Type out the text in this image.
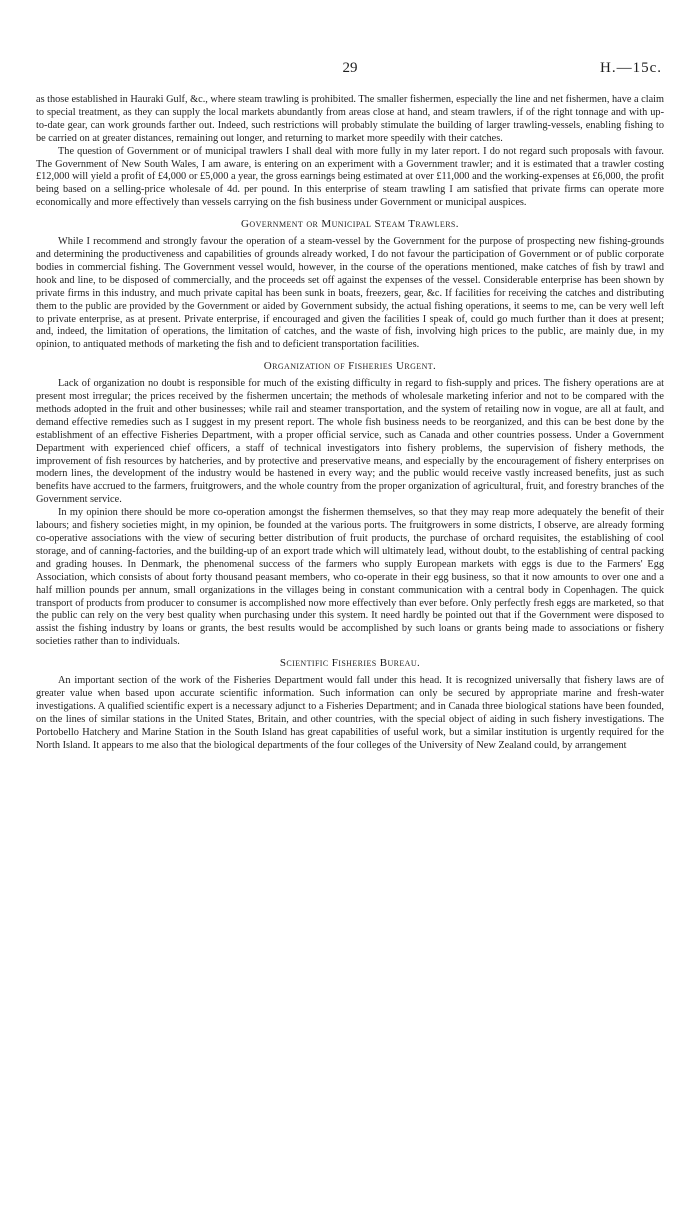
29	H.—15c.

as those established in Hauraki Gulf, &c., where steam trawling is prohibited. The smaller fishermen, especially the line and net fishermen, have a claim to special treatment, as they can supply the local markets abundantly from areas close at hand, and steam trawlers, if of the right tonnage and with up-to-date gear, can work grounds farther out. Indeed, such restrictions will probably stimulate the building of larger trawling-vessels, enabling fishing to be carried on at greater distances, remaining out longer, and returning to market more speedily with their catches.

The question of Government or of municipal trawlers I shall deal with more fully in my later report. I do not regard such proposals with favour. The Government of New South Wales, I am aware, is entering on an experiment with a Government trawler; and it is estimated that a trawler costing £12,000 will yield a profit of £4,000 or £5,000 a year, the gross earnings being estimated at over £11,000 and the working-expenses at £6,000, the profit being based on a selling-price wholesale of 4d. per pound. In this enterprise of steam trawling I am satisfied that private firms can operate more economically and more effectively than vessels carrying on the fish business under Government or municipal auspices.

Government or Municipal Steam Trawlers.

While I recommend and strongly favour the operation of a steam-vessel by the Government for the purpose of prospecting new fishing-grounds and determining the productiveness and capabilities of grounds already worked, I do not favour the participation of Government or of public corporate bodies in commercial fishing. The Government vessel would, however, in the course of the operations mentioned, make catches of fish by trawl and hook and line, to be disposed of commercially, and the proceeds set off against the expenses of the vessel. Considerable enterprise has been shown by private firms in this industry, and much private capital has been sunk in boats, freezers, gear, &c. If facilities for receiving the catches and distributing them to the public are provided by the Government or aided by Government subsidy, the actual fishing operations, it seems to me, can be very well left to private enterprise, as at present. Private enterprise, if encouraged and given the facilities I speak of, could go much further than it does at present; and, indeed, the limitation of operations, the limitation of catches, and the waste of fish, involving high prices to the public, are mainly due, in my opinion, to antiquated methods of marketing the fish and to deficient transportation facilities.

Organization of Fisheries Urgent.

Lack of organization no doubt is responsible for much of the existing difficulty in regard to fish-supply and prices. The fishery operations are at present most irregular; the prices received by the fishermen uncertain; the methods of wholesale marketing inferior and not to be compared with the methods adopted in the fruit and other businesses; while rail and steamer transportation, and the system of retailing now in vogue, are all at fault, and demand effective remedies such as I suggest in my present report. The whole fish business needs to be reorganized, and this can be best done by the establishment of an effective Fisheries Department, with a proper official service, such as Canada and other countries possess. Under a Government Department with experienced chief officers, a staff of technical investigators into fishery problems, the supervision of fishery methods, the improvement of fish resources by hatcheries, and by protective and preservative means, and especially by the encouragement of fishery enterprises on modern lines, the development of the industry would be hastened in every way; and the public would receive vastly increased benefits, just as such benefits have accrued to the farmers, fruitgrowers, and the whole country from the proper organization of agricultural, fruit, and forestry branches of the Government service.

In my opinion there should be more co-operation amongst the fishermen themselves, so that they may reap more adequately the benefit of their labours; and fishery societies might, in my opinion, be founded at the various ports. The fruitgrowers in some districts, I observe, are already forming co-operative associations with the view of securing better distribution of fruit products, the purchase of orchard requisites, the establishing of cool storage, and of canning-factories, and the building-up of an export trade which will ultimately lead, without doubt, to the establishing of central packing and grading houses. In Denmark, the phenomenal success of the farmers who supply European markets with eggs is due to the Farmers' Egg Association, which consists of about forty thousand peasant members, who co-operate in their egg business, so that it now amounts to over one and a half million pounds per annum, small organizations in the villages being in constant communication with a central body in Copenhagen. The quick transport of products from producer to consumer is accomplished now more effectively than ever before. Only perfectly fresh eggs are marketed, so that the public can rely on the very best quality when purchasing under this system. It need hardly be pointed out that if the Government were disposed to assist the fishing industry by loans or grants, the best results would be accomplished by such loans or grants being made to associations or fishery societies rather than to individuals.

Scientific Fisheries Bureau.

An important section of the work of the Fisheries Department would fall under this head. It is recognized universally that fishery laws are of greater value when based upon accurate scientific information. Such information can only be secured by appropriate marine and fresh-water investigations. A qualified scientific expert is a necessary adjunct to a Fisheries Department; and in Canada three biological stations have been founded, on the lines of similar stations in the United States, Britain, and other countries, with the special object of aiding in such fishery investigations. The Portobello Hatchery and Marine Station in the South Island has great capabilities of useful work, but a similar institution is urgently required for the North Island. It appears to me also that the biological departments of the four colleges of the University of New Zealand could, by arrangement
